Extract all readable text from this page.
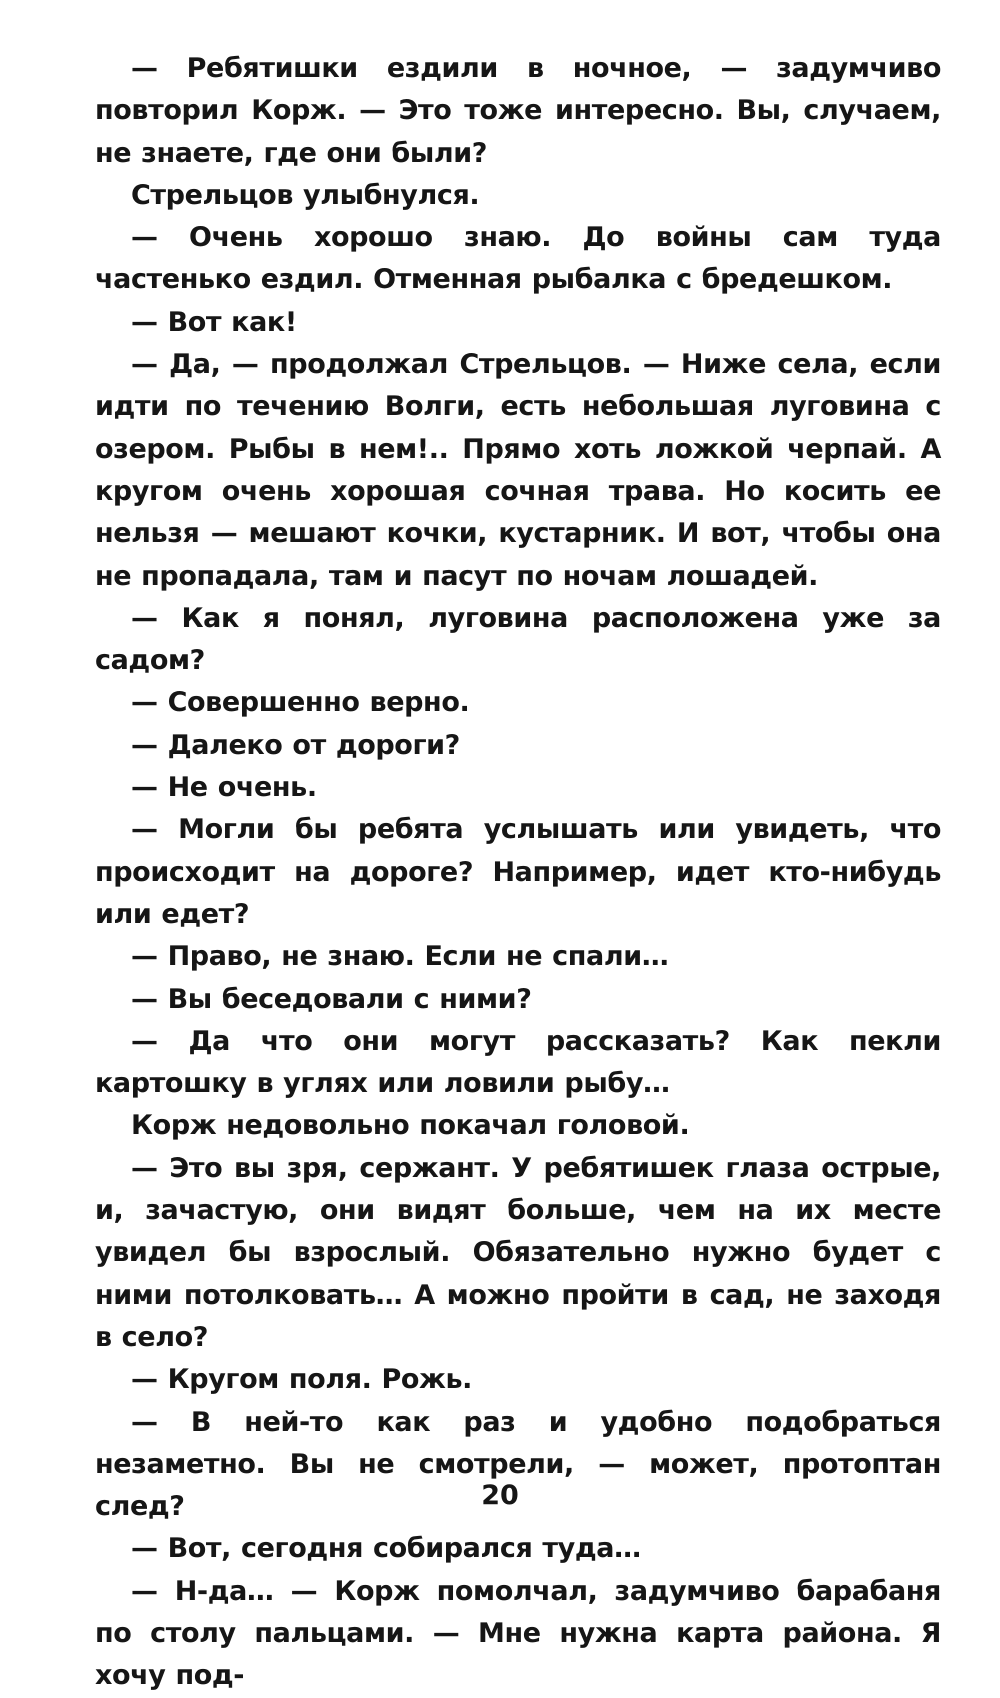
— Ребятишки ездили в ночное, — задумчиво повторил Корж. — Это тоже интересно. Вы, случаем, не знаете, где они были?

Стрельцов улыбнулся.

— Очень хорошо знаю. До войны сам туда частенько ездил. Отменная рыбалка с бредешком.

— Вот как!

— Да, — продолжал Стрельцов. — Ниже села, если идти по течению Волги, есть небольшая луговина с озером. Рыбы в нем!.. Прямо хоть ложкой черпай. А кругом очень хорошая сочная трава. Но косить ее нельзя — мешают кочки, кустарник. И вот, чтобы она не пропадала, там и пасут по ночам лошадей.

— Как я понял, луговина расположена уже за садом?

— Совершенно верно.

— Далеко от дороги?

— Не очень.

— Могли бы ребята услышать или увидеть, что происходит на дороге? Например, идет кто-нибудь или едет?

— Право, не знаю. Если не спали…

— Вы беседовали с ними?

— Да что они могут рассказать? Как пекли картошку в углях или ловили рыбу…

Корж недовольно покачал головой.

— Это вы зря, сержант. У ребятишек глаза острые, и, зачастую, они видят больше, чем на их месте увидел бы взрослый. Обязательно нужно будет с ними потолковать… А можно пройти в сад, не заходя в село?

— Кругом поля. Рожь.

— В ней-то как раз и удобно подобраться незаметно. Вы не смотрели, — может, протоптан след?

— Вот, сегодня собирался туда…

— Н-да… — Корж помолчал, задумчиво барабаня по столу пальцами. — Мне нужна карта района. Я хочу под-

20
